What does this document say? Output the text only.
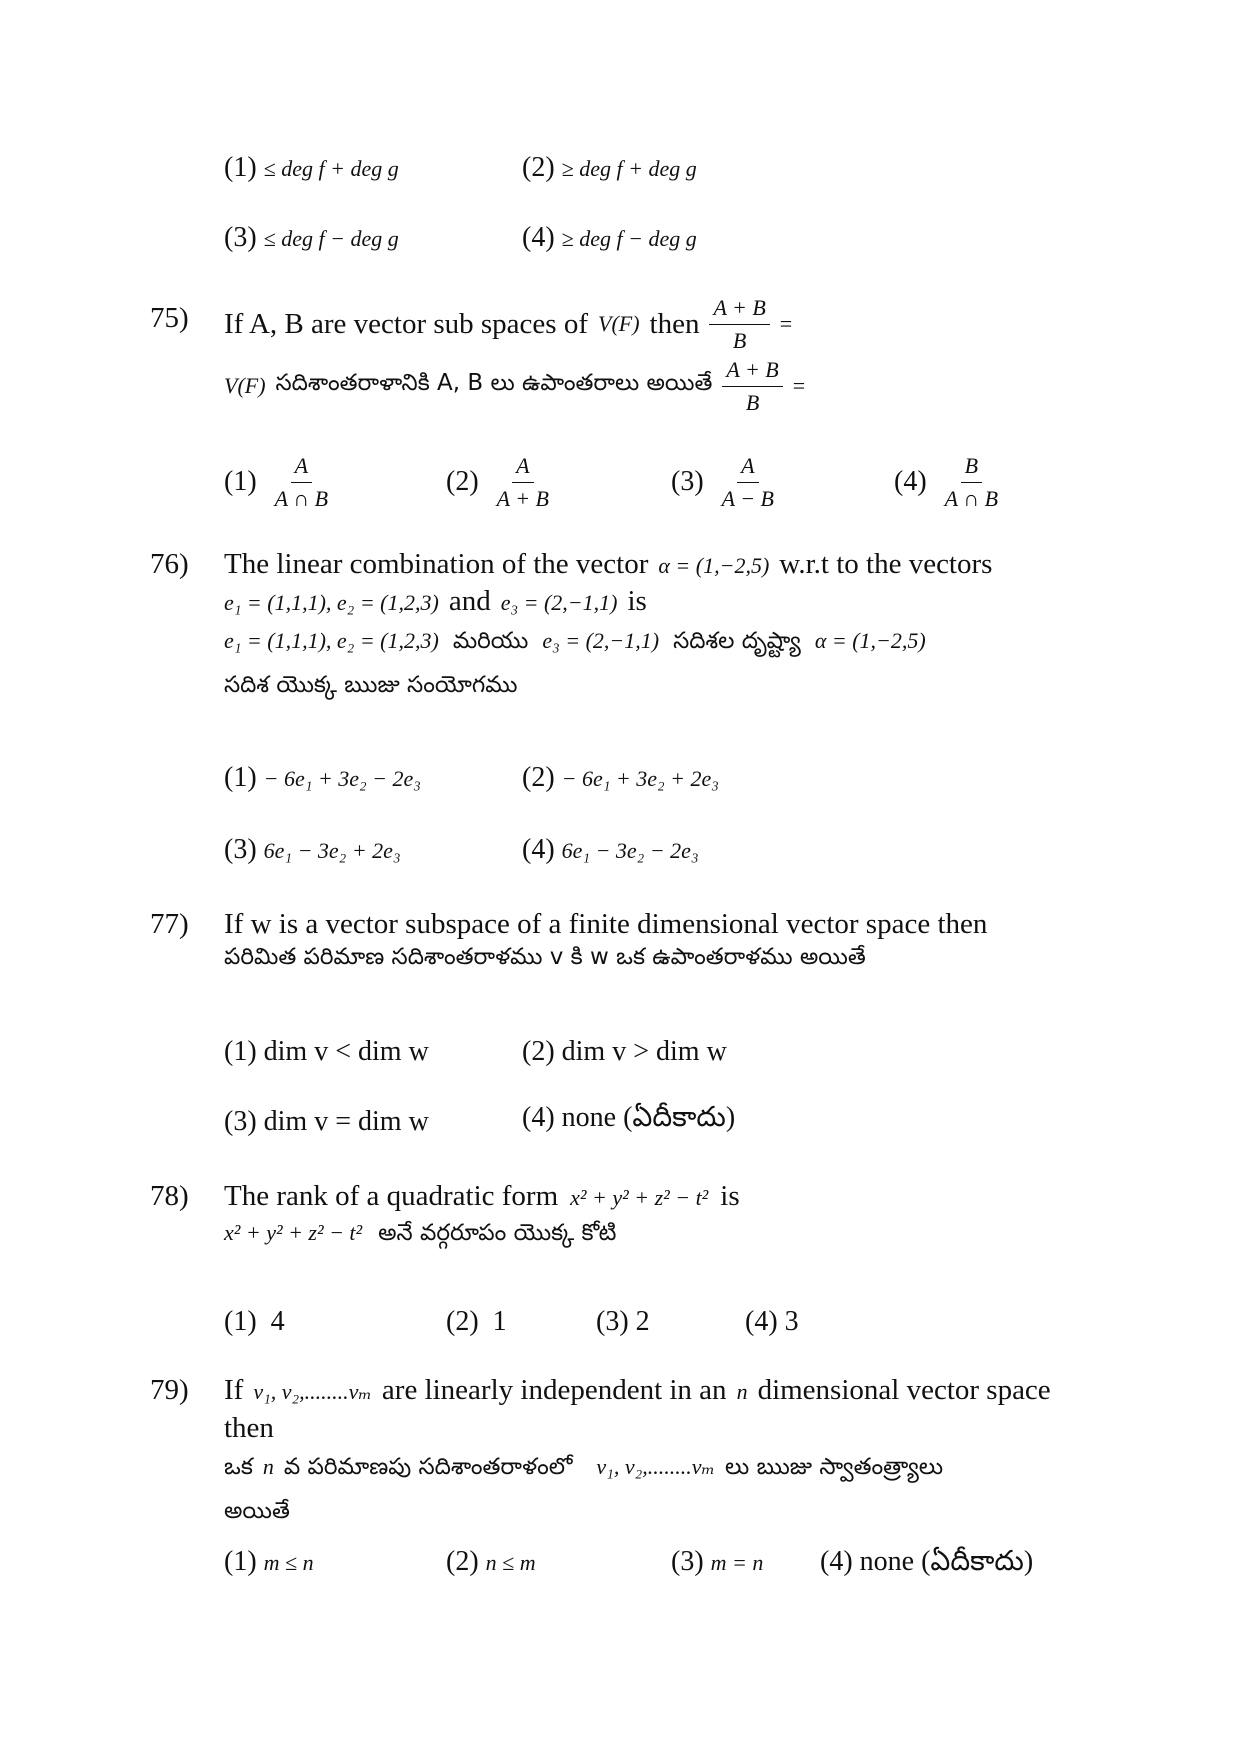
(1) ≤ deg f + deg g	(2) ≥ deg f + deg g
(3) ≤ deg f − deg g	(4) ≥ deg f − deg g
75) If A, B are vector sub spaces of V(F) then $\frac{A + B}{B}$ =
V(F) సదిశాంతరాళానికి A, B లు ఉపాంతరాలు అయితే $\frac{A + B}{B}$ =
$(1) \frac{A}{A \cap B}$	$(2) \frac{A}{A + B}$	$(3) \frac{A}{A - B}$	$(4) \frac{B}{A \cap B}$
76) The linear combination of the vector α = (1,−2,5) w.r.t to the vectors
e₁ = (1,1,1), e₂ = (1,2,3) and e₃ = (2,−1,1) is
e₁ = (1,1,1), e₂ = (1,2,3) మరియు e₃ = (2,−1,1) సదిశల దృష్ట్యా α = (1,−2,5)
సదిశ యొక్క ఋజు సంయోగము
(1) − 6e₁ + 3e₂ − 2e₃	(2) − 6e₁ + 3e₂ + 2e₃
(3) 6e₁ − 3e₂ + 2e₃	(4) 6e₁ − 3e₂ − 2e₃
77) If w is a vector subspace of a finite dimensional vector space then
పరిమిత పరిమాణ సదిశాంతరాళము v కి w ఒక ఉపాంతరాళము అయితే
(1) dim v < dim w	(2) dim v > dim w
(3) dim v = dim w	(4) none (ఏదీకాదు)
78) The rank of a quadratic form x² + y² + z² − t² is
x² + y² + z² − t² అనే వర్గరూపం యొక్క కోటి
(1) 4	(2) 1	(3) 2	(4) 3
79) If v₁, v₂,........vₘ are linearly independent in an n dimensional vector space
then
ఒక n వ పరిమాణపు సదిశాంతరాళంలో v₁, v₂,........vₘ లు ఋజు స్వాతంత్ర్యాలు
అయితే
(1) m ≤ n	(2) n ≤ m	(3) m = n (4) none (ఏదీకాదు)
